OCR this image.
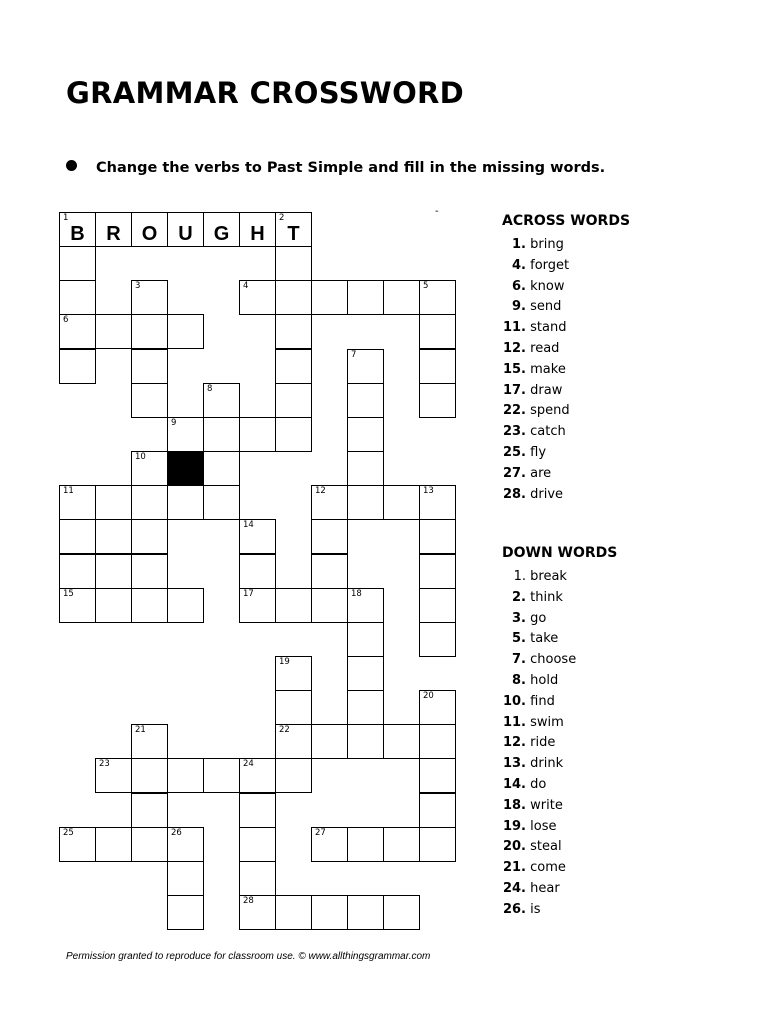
GRAMMAR CROSSWORD
Change the verbs to Past Simple and fill in the missing words.
1
B	R	O	U	G	H
2
T
3	4	5
6
7
8
9
10
11	12	13
14
15	17	18
19
20
21	22
23	24
25	26	27
28
-
ACROSS WORDS
1. bring
4. forget
6. know
9. send
11. stand
12. read
15. make
17. draw
22. spend
23. catch
25. fly
27. are
28. drive
DOWN WORDS
1. break
2. think
3. go
5. take
7. choose
8. hold
10. find
11. swim
12. ride
13. drink
14. do
18. write
19. lose
20. steal
21. come
24. hear
26. is
Permission granted to reproduce for classroom use. © www.allthingsgrammar.com
